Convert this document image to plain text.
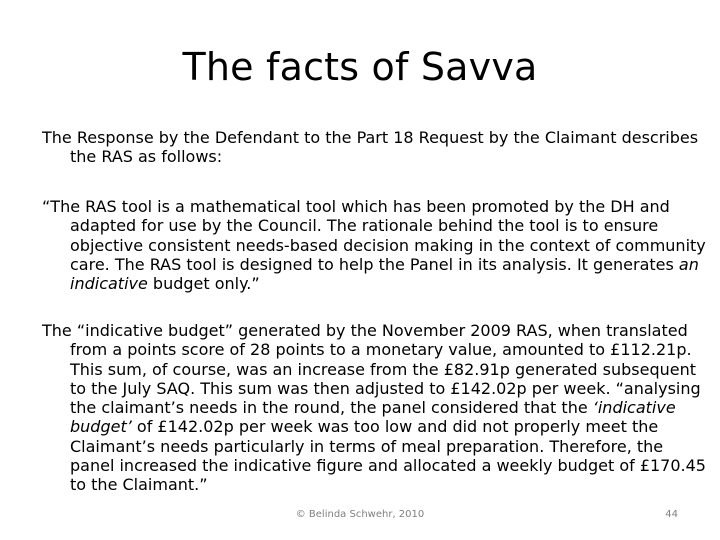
The facts of Savva

The Response by the Defendant to the Part 18 Request by the Claimant describes the RAS as follows:

“The RAS tool is a mathematical tool which has been promoted by the DH and adapted for use by the Council. The rationale behind the tool is to ensure objective consistent needs-based decision making in the context of community care. The RAS tool is designed to help the Panel in its analysis. It generates an indicative budget only.”

The “indicative budget” generated by the November 2009 RAS, when translated from a points score of 28 points to a monetary value, amounted to £112.21p. This sum, of course, was an increase from the £82.91p generated subsequent to the July SAQ. This sum was then adjusted to £142.02p per week. “analysing the claimant’s needs in the round, the panel considered that the ‘indicative budget’ of £142.02p per week was too low and did not properly meet the Claimant’s needs particularly in terms of meal preparation. Therefore, the panel increased the indicative figure and allocated a weekly budget of £170.45 to the Claimant.”

© Belinda Schwehr, 2010	44
